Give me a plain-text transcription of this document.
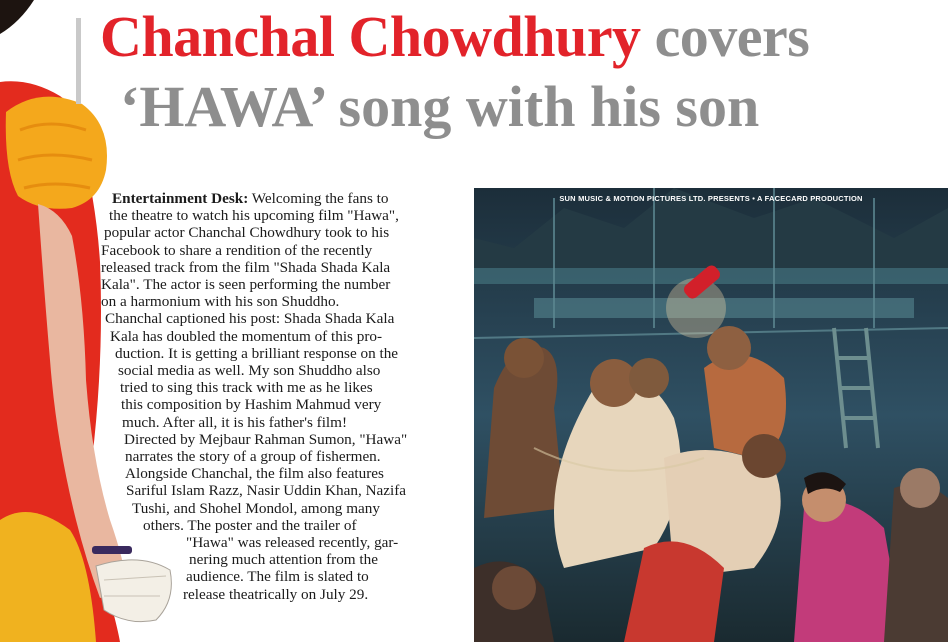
Chanchal Chowdhury covers
‘HAWA’ song with his son
Entertainment Desk: Welcoming the fans to
the theatre to watch his upcoming film "Hawa",
popular actor Chanchal Chowdhury took to his
Facebook to share a rendition of the recently
released track from the film "Shada Shada Kala
Kala". The actor is seen performing the number
on a harmonium with his son Shuddho.
Chanchal captioned his post: Shada Shada Kala
Kala has doubled the momentum of this pro-
duction. It is getting a brilliant response on the
social media as well. My son Shuddho also
tried to sing this track with me as he likes
this composition by Hashim Mahmud very
much. After all, it is his father's film!
Directed by Mejbaur Rahman Sumon, "Hawa"
narrates the story of a group of fishermen.
Alongside Chanchal, the film also features
Sariful Islam Razz, Nasir Uddin Khan, Nazifa
Tushi, and Shohel Mondol, among many
others. The poster and the trailer of
"Hawa" was released recently, gar-
nering much attention from the
audience. The film is slated to
release theatrically on July 29.
SUN MUSIC & MOTION PICTURES LTD. PRESENTS • A FACECARD PRODUCTION
